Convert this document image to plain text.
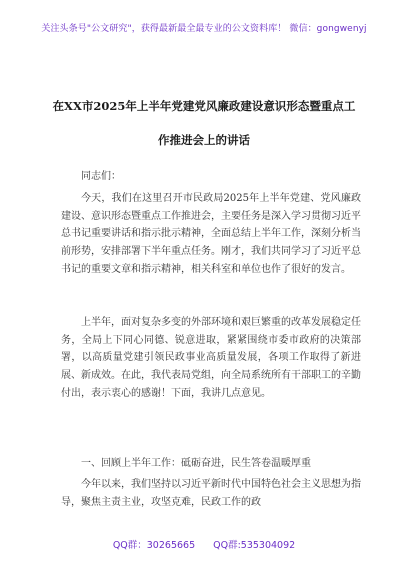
关注头条号"公文研究"，获得最新最全最专业的公文资料库！ 微信：gongwenyj
在XX市2025年上半年党建党风廉政建设意识形态暨重点工
作推进会上的讲话
同志们：

今天，我们在这里召开市民政局2025年上半年党建、党风廉政建设、意识形态暨重点工作推进会，主要任务是深入学习贯彻习近平总书记重要讲话和指示批示精神，全面总结上半年工作，深刻分析当前形势，安排部署下半年重点任务。刚才，我们共同学习了习近平总书记的重要文章和指示精神，相关科室和单位也作了很好的发言。

上半年，面对复杂多变的外部环境和艰巨繁重的改革发展稳定任务，全局上下同心同德、锐意进取，紧紧围绕市委市政府的决策部署，以高质量党建引领民政事业高质量发展，各项工作取得了新进展、新成效。在此，我代表局党组，向全局系统所有干部职工的辛勤付出，表示衷心的感谢！下面，我讲几点意见。

一、回顾上半年工作：砥砺奋进，民生答卷温暖厚重

今年以来，我们坚持以习近平新时代中国特色社会主义思想为指导，聚焦主责主业，攻坚克难，民政工作的政

QQ群：30265665 QQ群:535304092
